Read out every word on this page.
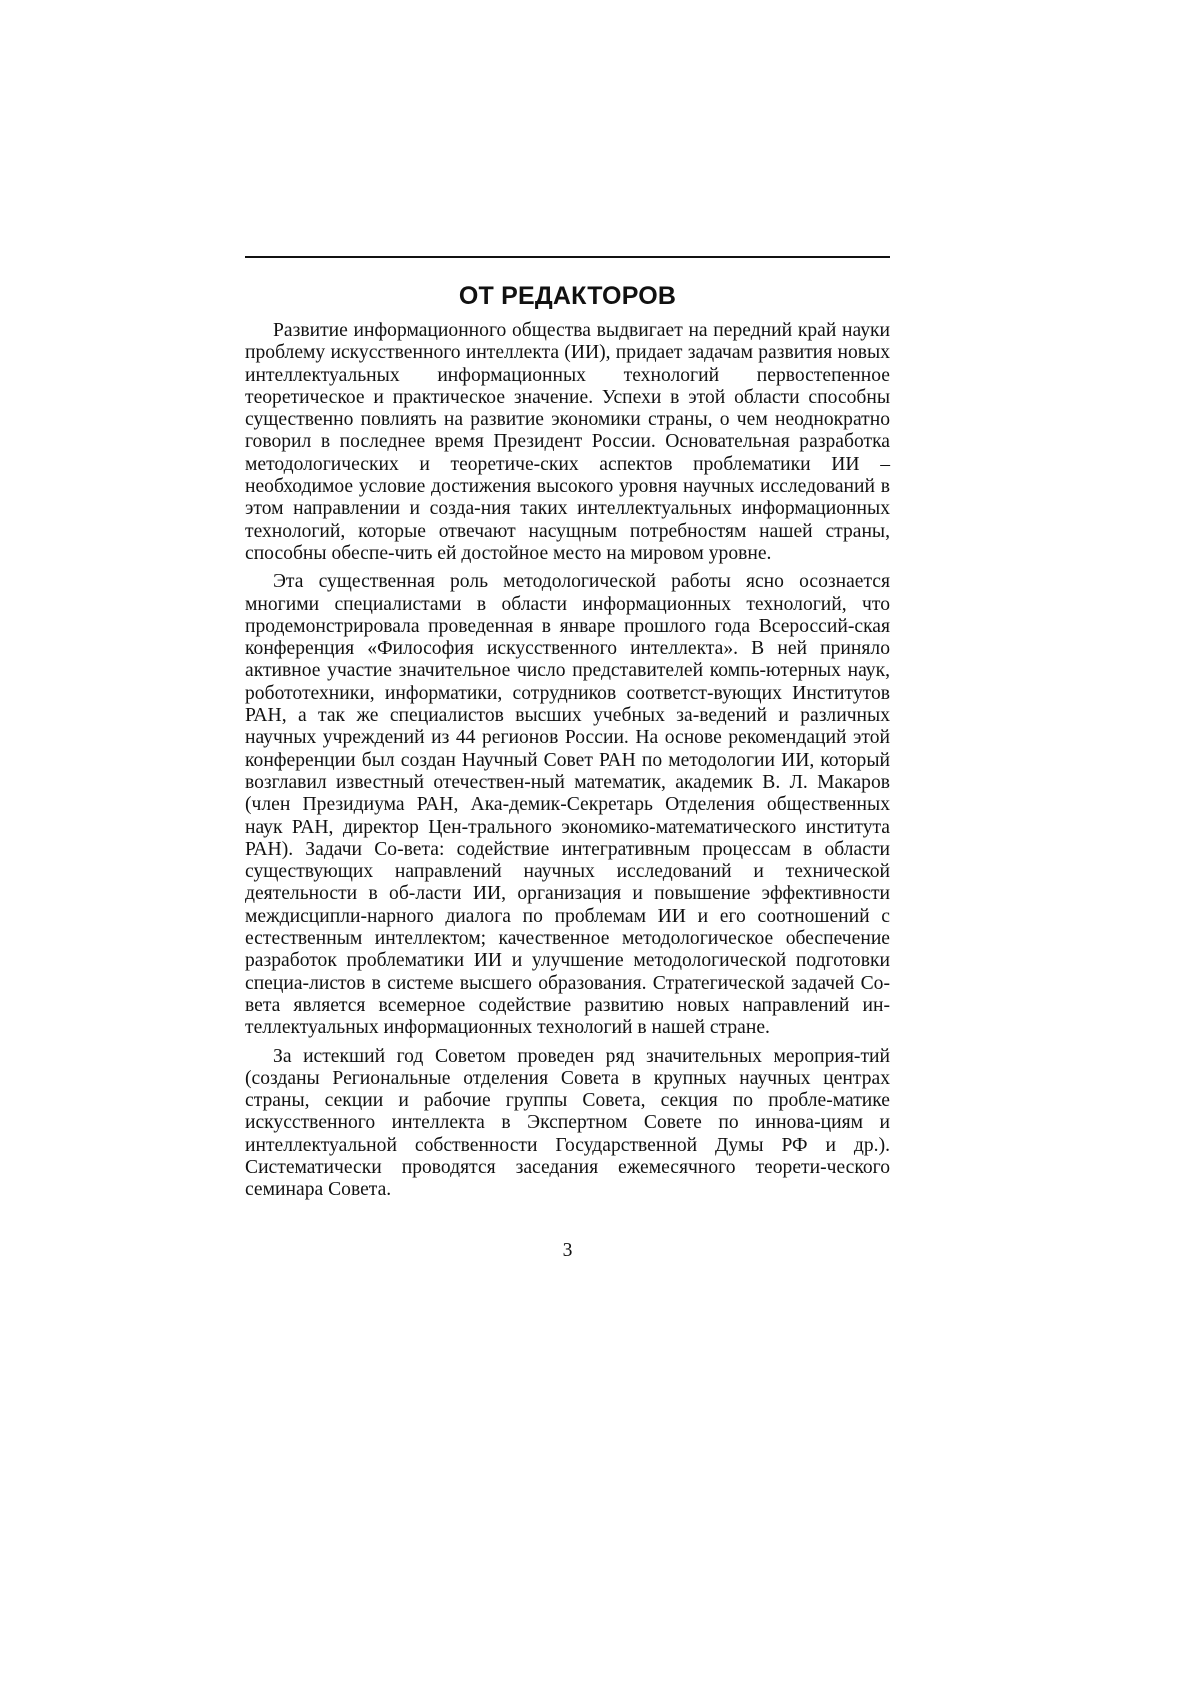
ОТ РЕДАКТОРОВ

Развитие информационного общества выдвигает на передний край науки проблему искусственного интеллекта (ИИ), придает задачам развития новых интеллектуальных информационных технологий первостепенное теоретическое и практическое значение. Успехи в этой области способны существенно повлиять на развитие экономики страны, о чем неоднократно говорил в последнее время Президент России. Основательная разработка методологических и теоретиче-ских аспектов проблематики ИИ – необходимое условие достижения высокого уровня научных исследований в этом направлении и созда-ния таких интеллектуальных информационных технологий, которые отвечают насущным потребностям нашей страны, способны обеспе-чить ей достойное место на мировом уровне.

Эта существенная роль методологической работы ясно осознается многими специалистами в области информационных технологий, что продемонстрировала проведенная в январе прошлого года Всероссий-ская конференция «Философия искусственного интеллекта». В ней приняло активное участие значительное число представителей компь-ютерных наук, робототехники, информатики, сотрудников соответст-вующих Институтов РАН, а так же специалистов высших учебных за-ведений и различных научных учреждений из 44 регионов России. На основе рекомендаций этой конференции был создан Научный Совет РАН по методологии ИИ, который возглавил известный отечествен-ный математик, академик В. Л. Макаров (член Президиума РАН, Ака-демик-Секретарь Отделения общественных наук РАН, директор Цен-трального экономико-математического института РАН). Задачи Со-вета: содействие интегративным процессам в области существующих направлений научных исследований и технической деятельности в об-ласти ИИ, организация и повышение эффективности междисципли-нарного диалога по проблемам ИИ и его соотношений с естественным интеллектом; качественное методологическое обеспечение разработок проблематики ИИ и улучшение методологической подготовки специа-листов в системе высшего образования. Стратегической задачей Со-вета является всемерное содействие развитию новых направлений ин-теллектуальных информационных технологий в нашей стране.

За истекший год Советом проведен ряд значительных мероприя-тий (созданы Региональные отделения Совета в крупных научных центрах страны, секции и рабочие группы Совета, секция по пробле-матике искусственного интеллекта в Экспертном Совете по иннова-циям и интеллектуальной собственности Государственной Думы РФ и др.). Систематически проводятся заседания ежемесячного теорети-ческого семинара Совета.

3
